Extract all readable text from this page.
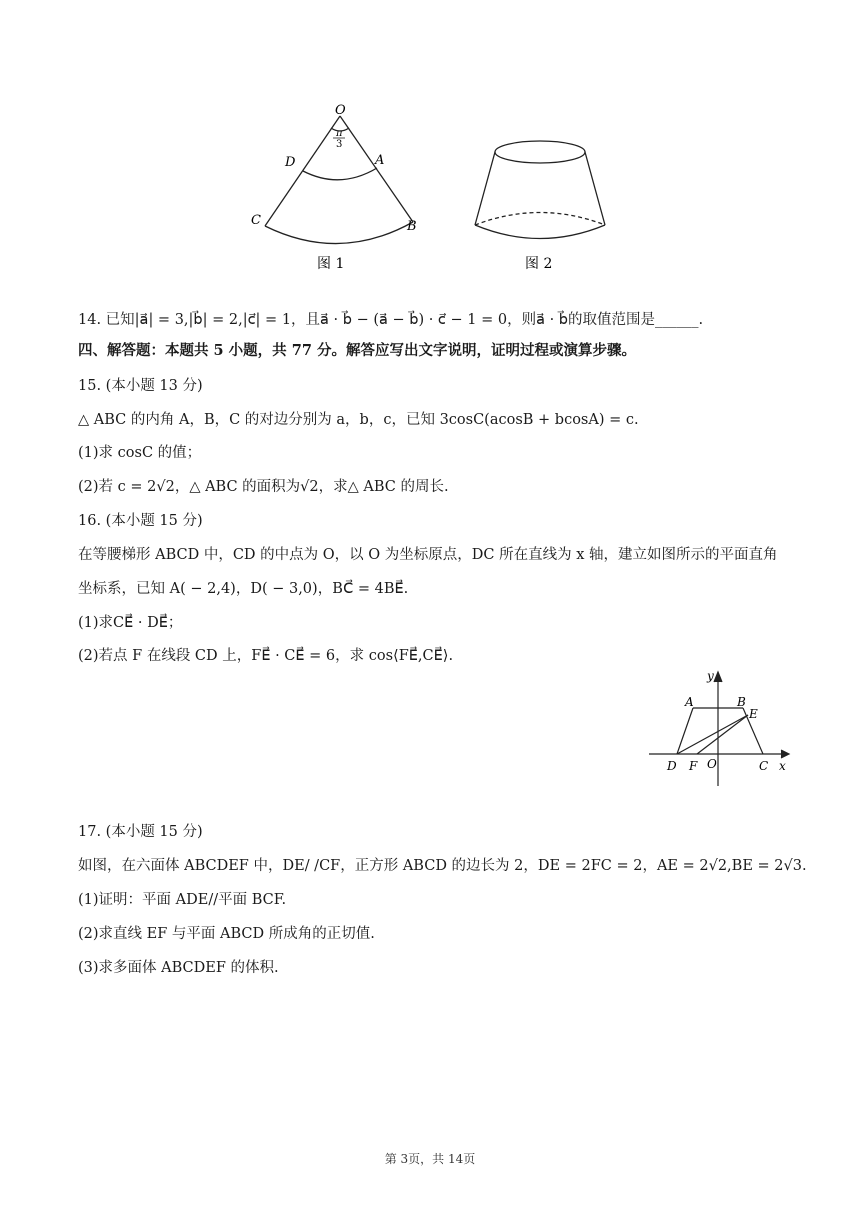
O
π
3
D	A
C	B
图 1	图 2
14. 已知|a⃗| = 3,|b⃗| = 2,|c⃗| = 1，且a⃗ · b⃗ − (a⃗ − b⃗) · c⃗ − 1 = 0，则a⃗ · b⃗的取值范围是______.
四、解答题：本题共 5 小题，共 77 分。解答应写出文字说明，证明过程或演算步骤。
15. (本小题 13 分)
△ ABC 的内角 A，B，C 的对边分别为 a，b，c，已知 3cosC(acosB + bcosA) = c.
(1)求 cosC 的值；
(2)若 c = 2√2，△ ABC 的面积为√2，求△ ABC 的周长.
16. (本小题 15 分)
在等腰梯形 ABCD 中，CD 的中点为 O，以 O 为坐标原点，DC 所在直线为 x 轴，建立如图所示的平面直角
坐标系，已知 A( − 2,4)，D( − 3,0)，BC⃗ = 4BE⃗.
(1)求CE⃗ · DE⃗；
(2)若点 F 在线段 CD 上，FE⃗ · CE⃗ = 6，求 cos⟨FE⃗,CE⃗⟩.
y
x
A	B
E
D F O	C
17. (本小题 15 分)
如图，在六面体 ABCDEF 中，DE/ /CF，正方形 ABCD 的边长为 2，DE = 2FC = 2，AE = 2√2,BE = 2√3.
(1)证明：平面 ADE//平面 BCF.
(2)求直线 EF 与平面 ABCD 所成角的正切值.
(3)求多面体 ABCDEF 的体积.
第 3页，共 14页
